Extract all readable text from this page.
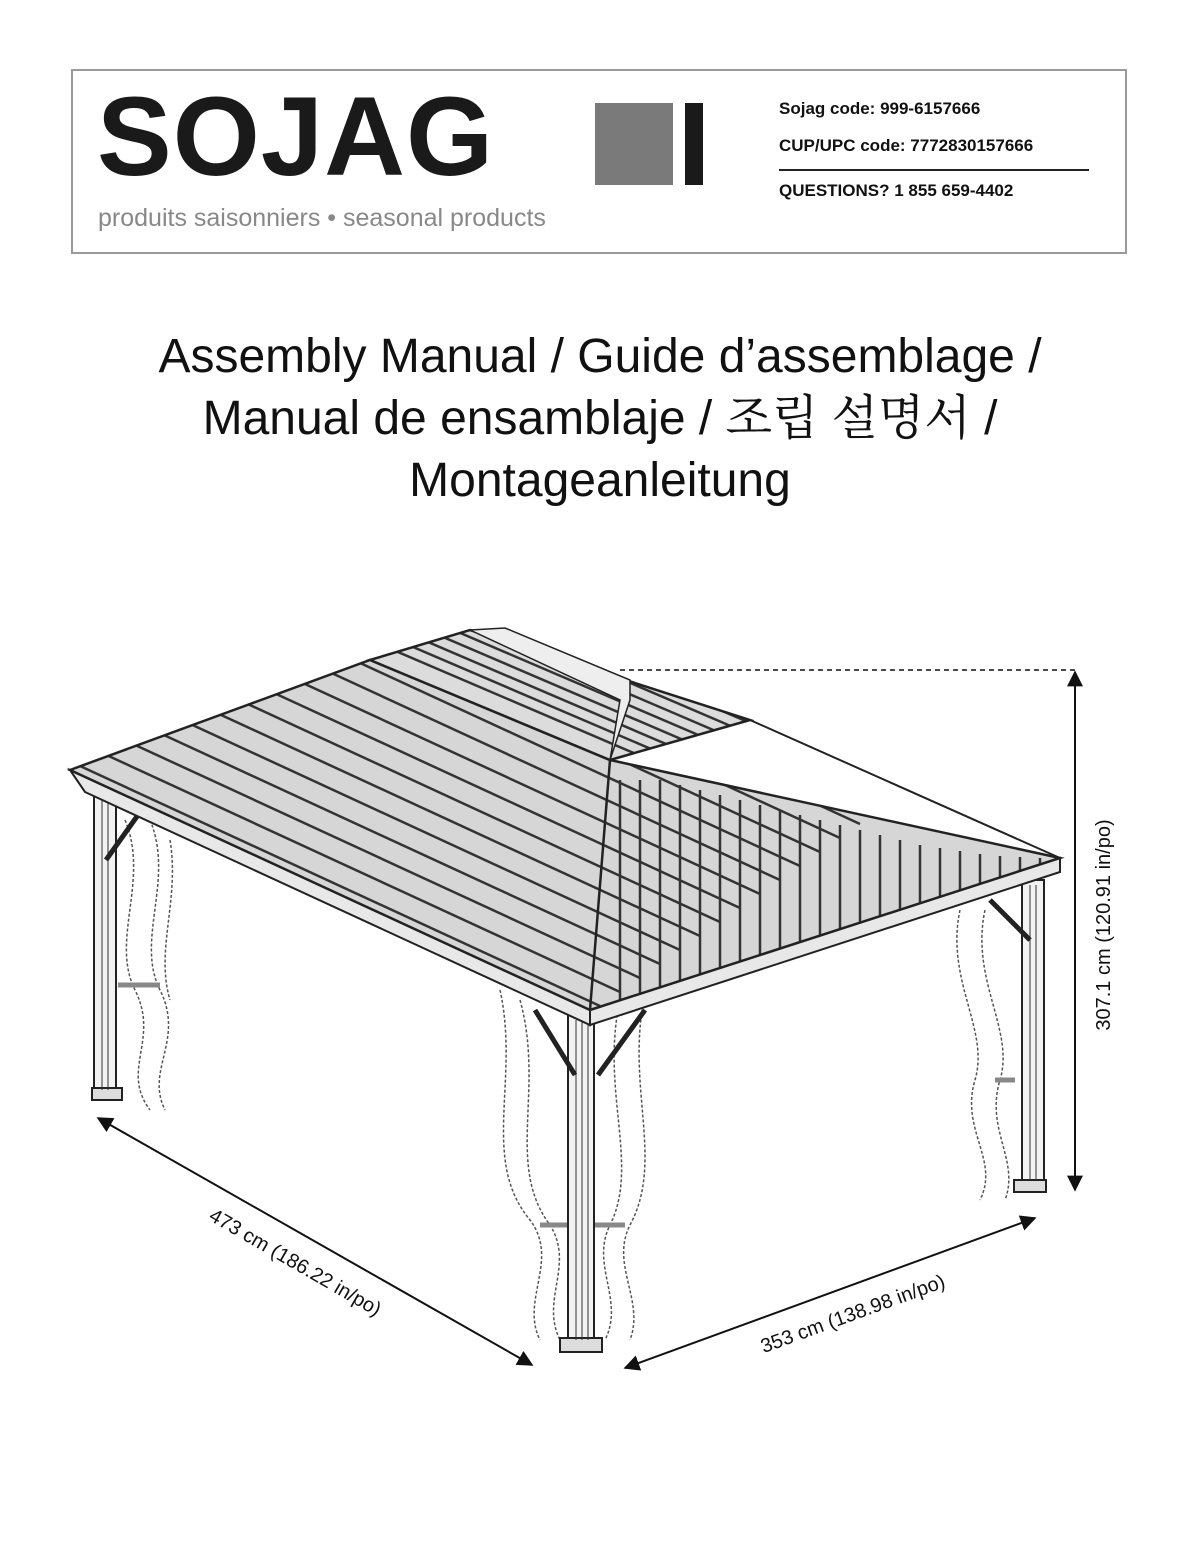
SOJAG
produits saisonniers • seasonal products
Sojag code: 999-6157666
CUP/UPC code: 7772830157666
QUESTIONS? 1 855 659-4402
Assembly Manual / Guide d’assemblage /
Manual de ensamblaje / 조립 설명서 /
Montageanleitung
307.1 cm (120.91 in/po)
473 cm (186.22 in/po)	353 cm (138.98 in/po)
